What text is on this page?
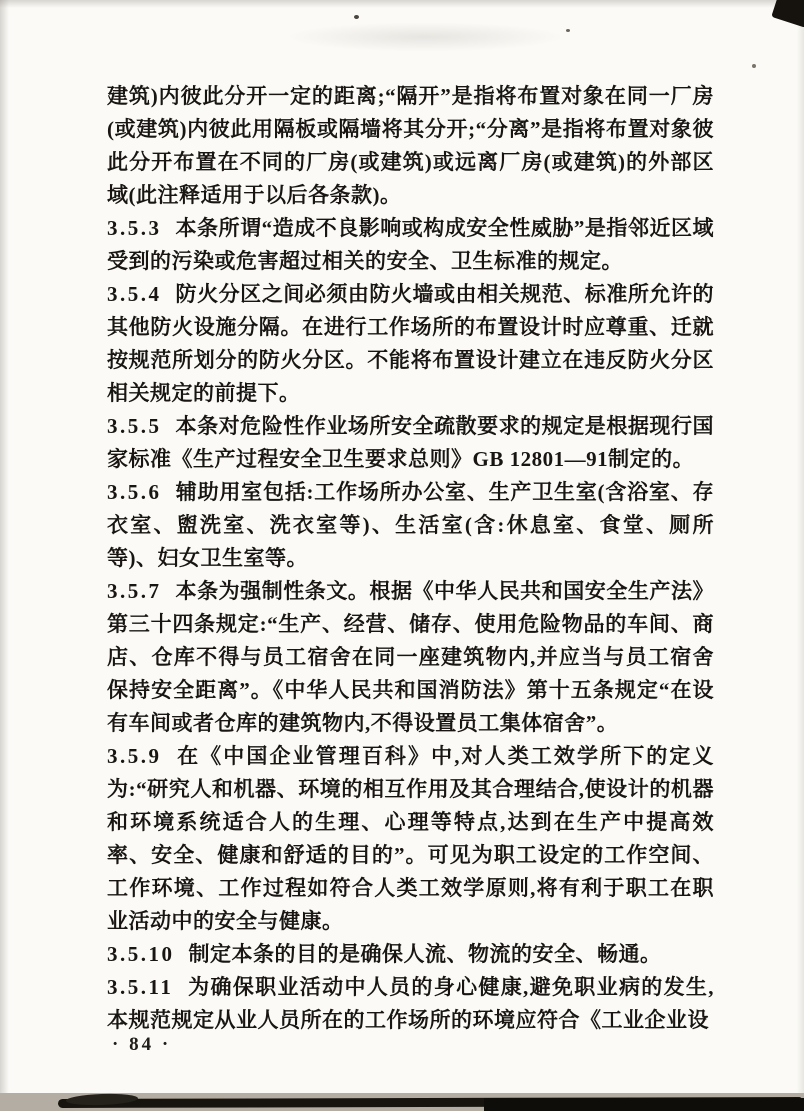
建筑)内彼此分开一定的距离;“隔开”是指将布置对象在同一厂房(或建筑)内彼此用隔板或隔墙将其分开;“分离”是指将布置对象彼此分开布置在不同的厂房(或建筑)或远离厂房(或建筑)的外部区域(此注释适用于以后各条款)。

3.5.3 本条所谓“造成不良影响或构成安全性威胁”是指邻近区域受到的污染或危害超过相关的安全、卫生标准的规定。

3.5.4 防火分区之间必须由防火墙或由相关规范、标准所允许的其他防火设施分隔。在进行工作场所的布置设计时应尊重、迁就按规范所划分的防火分区。不能将布置设计建立在违反防火分区相关规定的前提下。

3.5.5 本条对危险性作业场所安全疏散要求的规定是根据现行国家标准《生产过程安全卫生要求总则》GB 12801—91制定的。

3.5.6 辅助用室包括:工作场所办公室、生产卫生室(含浴室、存衣室、盥洗室、洗衣室等)、生活室(含:休息室、食堂、厕所等)、妇女卫生室等。

3.5.7 本条为强制性条文。根据《中华人民共和国安全生产法》第三十四条规定:“生产、经营、储存、使用危险物品的车间、商店、仓库不得与员工宿舍在同一座建筑物内,并应当与员工宿舍保持安全距离”。《中华人民共和国消防法》第十五条规定“在设有车间或者仓库的建筑物内,不得设置员工集体宿舍”。

3.5.9 在《中国企业管理百科》中,对人类工效学所下的定义为:“研究人和机器、环境的相互作用及其合理结合,使设计的机器和环境系统适合人的生理、心理等特点,达到在生产中提高效率、安全、健康和舒适的目的”。可见为职工设定的工作空间、工作环境、工作过程如符合人类工效学原则,将有利于职工在职业活动中的安全与健康。

3.5.10 制定本条的目的是确保人流、物流的安全、畅通。

3.5.11 为确保职业活动中人员的身心健康,避免职业病的发生,本规范规定从业人员所在的工作场所的环境应符合《工业企业设

· 84 ·
